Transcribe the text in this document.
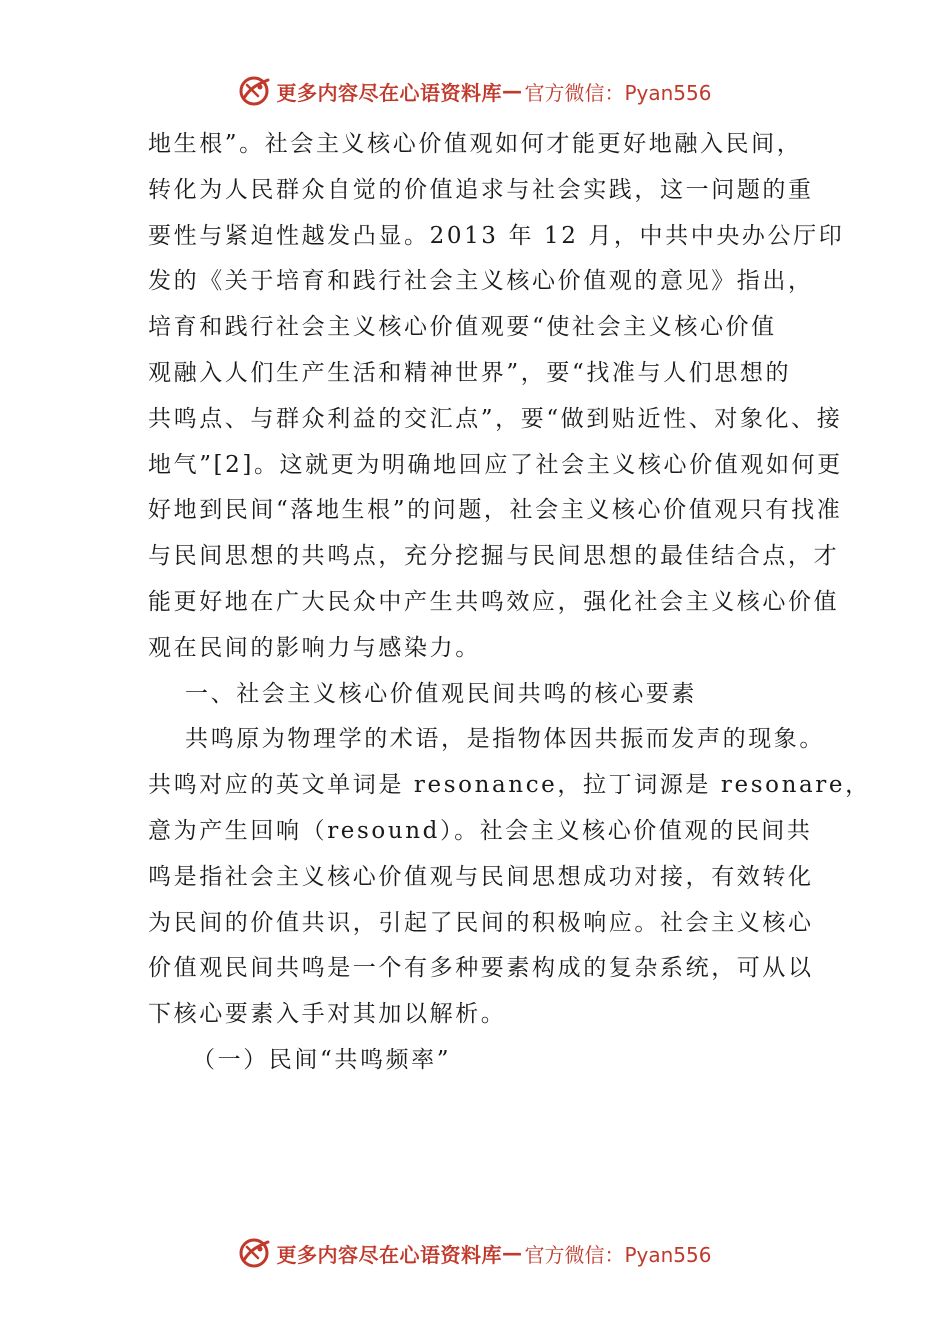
更多内容尽在心语资料库 — 官方微信：Pyan556
地生根”。社会主义核心价值观如何才能更好地融入民间，
转化为人民群众自觉的价值追求与社会实践，这一问题的重
要性与紧迫性越发凸显。2013 年 12 月，中共中央办公厅印
发的《关于培育和践行社会主义核心价值观的意见》指出，
培育和践行社会主义核心价值观要“使社会主义核心价值
观融入人们生产生活和精神世界”，要“找准与人们思想的
共鸣点、与群众利益的交汇点”，要“做到贴近性、对象化、接
地气”[2]。这就更为明确地回应了社会主义核心价值观如何更
好地到民间“落地生根”的问题，社会主义核心价值观只有找准
与民间思想的共鸣点，充分挖掘与民间思想的最佳结合点，才
能更好地在广大民众中产生共鸣效应，强化社会主义核心价值
观在民间的影响力与感染力。
一、社会主义核心价值观民间共鸣的核心要素
共鸣原为物理学的术语，是指物体因共振而发声的现象。
共鸣对应的英文单词是 resonance，拉丁词源是 resonare，
意为产生回响（resound）。社会主义核心价值观的民间共
鸣是指社会主义核心价值观与民间思想成功对接，有效转化
为民间的价值共识，引起了民间的积极响应。社会主义核心
价值观民间共鸣是一个有多种要素构成的复杂系统，可从以
下核心要素入手对其加以解析。
（一）民间“共鸣频率”
更多内容尽在心语资料库 — 官方微信：Pyan556
